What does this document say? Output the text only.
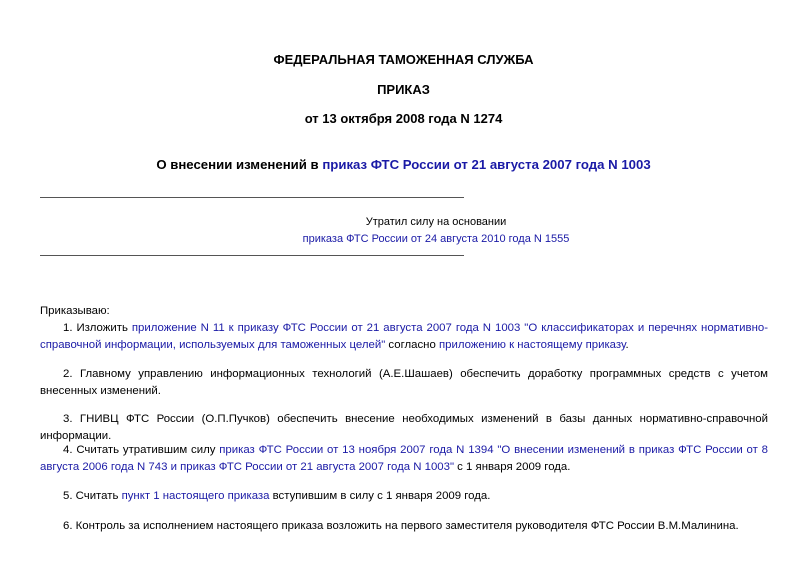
ФЕДЕРАЛЬНАЯ ТАМОЖЕННАЯ СЛУЖБА
ПРИКАЗ
от 13 октября 2008 года N 1274
О внесении изменений в приказ ФТС России от 21 августа 2007 года N 1003
Утратил силу на основании
приказа ФТС России от 24 августа 2010 года N 1555
Приказываю:
1. Изложить приложение N 11 к приказу ФТС России от 21 августа 2007 года N 1003 "О классификаторах и перечнях нормативно-справочной информации, используемых для таможенных целей" согласно приложению к настоящему приказу.
2. Главному управлению информационных технологий (А.Е.Шашаев) обеспечить доработку программных средств с учетом внесенных изменений.
3. ГНИВЦ ФТС России (О.П.Пучков) обеспечить внесение необходимых изменений в базы данных нормативно-справочной информации.
4. Считать утратившим силу приказ ФТС России от 13 ноября 2007 года N 1394 "О внесении изменений в приказ ФТС России от 8 августа 2006 года N 743 и приказ ФТС России от 21 августа 2007 года N 1003" с 1 января 2009 года.
5. Считать пункт 1 настоящего приказа вступившим в силу с 1 января 2009 года.
6. Контроль за исполнением настоящего приказа возложить на первого заместителя руководителя ФТС России В.М.Малинина.
